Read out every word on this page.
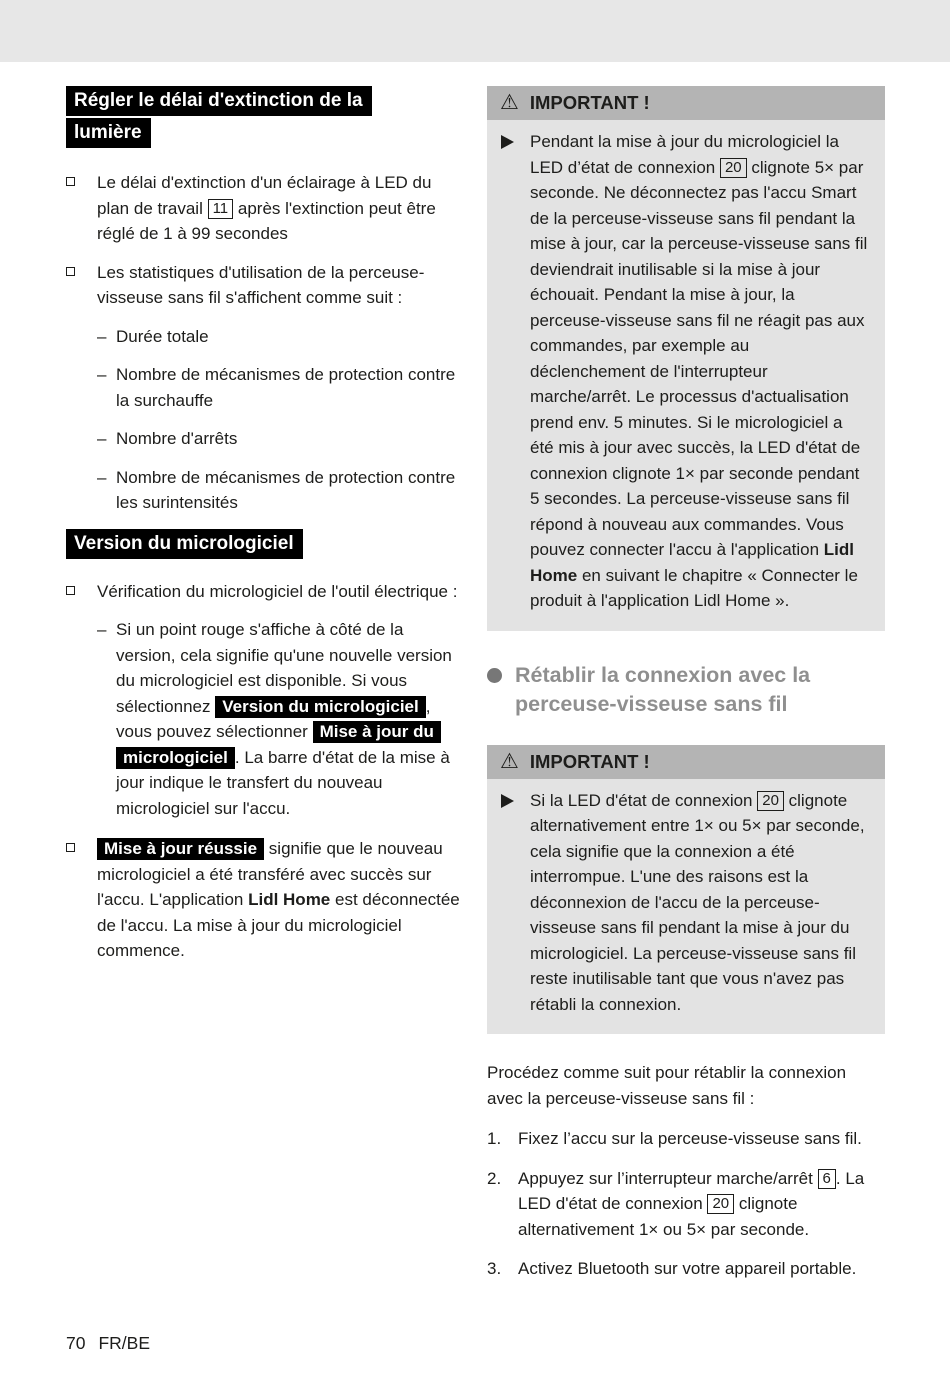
Régler le délai d'extinction de la
lumière
Le délai d'extinction d'un éclairage à LED du plan de travail 11 après l'extinction peut être réglé de 1 à 99 secondes
Les statistiques d'utilisation de la perceuse-visseuse sans fil s'affichent comme suit :
– Durée totale
– Nombre de mécanismes de protection contre la surchauffe
– Nombre d'arrêts
– Nombre de mécanismes de protection contre les surintensités
Version du micrologiciel
Vérification du micrologiciel de l'outil électrique :
– Si un point rouge s'affiche à côté de la version, cela signifie qu'une nouvelle version du micrologiciel est disponible. Si vous sélectionnez Version du micrologiciel , vous pouvez sélectionner Mise à jour du micrologiciel . La barre d'état de la mise à jour indique le transfert du nouveau micrologiciel sur l'accu.
Mise à jour réussie signifie que le nouveau micrologiciel a été transféré avec succès sur l'accu. L'application Lidl Home est déconnectée de l'accu. La mise à jour du micrologiciel commence.
⚠ IMPORTANT !
Pendant la mise à jour du micrologiciel la LED d’état de connexion 20 clignote 5× par seconde. Ne déconnectez pas l'accu Smart de la perceuse-visseuse sans fil pendant la mise à jour, car la perceuse-visseuse sans fil deviendrait inutilisable si la mise à jour échouait. Pendant la mise à jour, la perceuse-visseuse sans fil ne réagit pas aux commandes, par exemple au déclenchement de l'interrupteur marche/arrêt. Le processus d'actualisation prend env. 5 minutes. Si le micrologiciel a été mis à jour avec succès, la LED d'état de connexion clignote 1× par seconde pendant 5 secondes. La perceuse-visseuse sans fil répond à nouveau aux commandes. Vous pouvez connecter l'accu à l'application Lidl Home en suivant le chapitre « Connecter le produit à l'application Lidl Home ».
Rétablir la connexion avec la
perceuse-visseuse sans fil
⚠ IMPORTANT !
Si la LED d'état de connexion 20 clignote alternativement entre 1× ou 5× par seconde, cela signifie que la connexion a été interrompue. L'une des raisons est la déconnexion de l'accu de la perceuse-visseuse sans fil pendant la mise à jour du micrologiciel. La perceuse-visseuse sans fil reste inutilisable tant que vous n'avez pas rétabli la connexion.
Procédez comme suit pour rétablir la connexion avec la perceuse-visseuse sans fil :
1. Fixez l’accu sur la perceuse-visseuse sans fil.
2. Appuyez sur l’interrupteur marche/arrêt 6 . La LED d'état de connexion 20 clignote alternativement 1× ou 5× par seconde.
3. Activez Bluetooth sur votre appareil portable.
70 FR/BE
